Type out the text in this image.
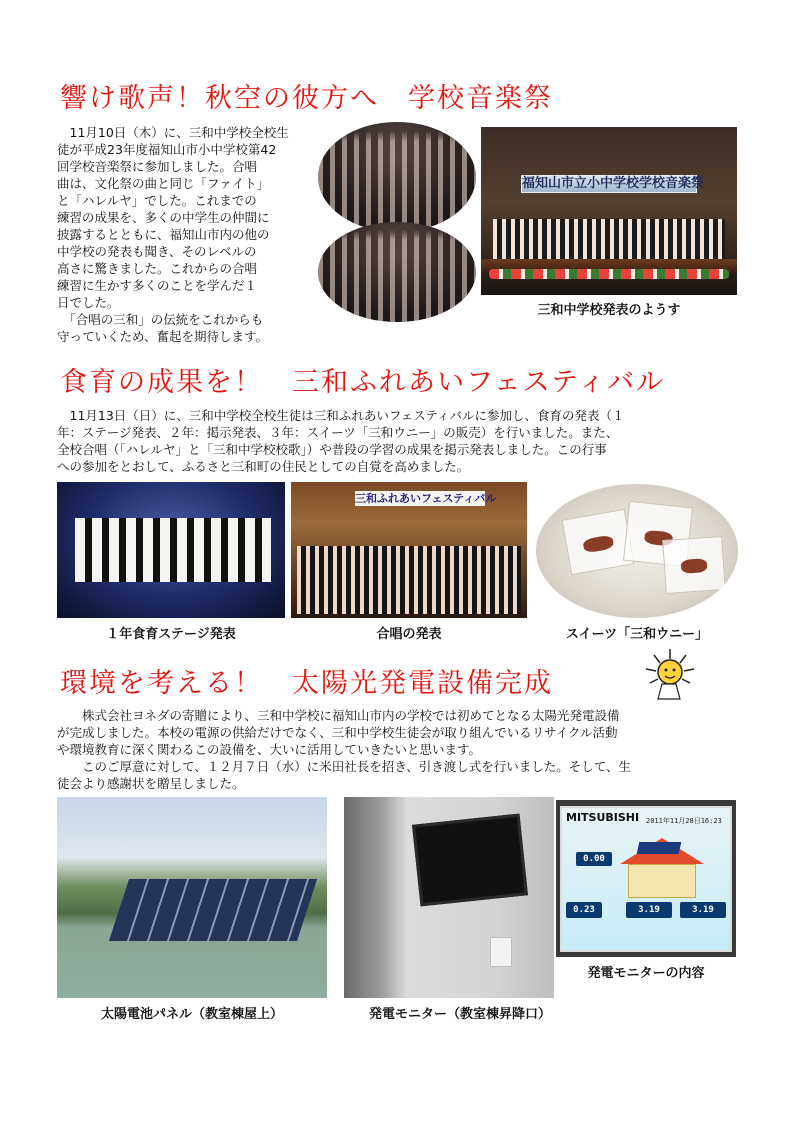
響け歌声！秋空の彼方へ　学校音楽祭
　11月10日（木）に、三和中学校全校生
徒が平成23年度福知山市小中学校第42
回学校音楽祭に参加しました。合唱
曲は、文化祭の曲と同じ「ファイト」
と「ハレルヤ」でした。これまでの
練習の成果を、多くの中学生の仲間に
披露するとともに、福知山市内の他の
中学校の発表も聞き、そのレベルの
高さに驚きました。これからの合唱
練習に生かす多くのことを学んだ１
日でした。
　「合唱の三和」の伝統をこれからも
守っていくため、奮起を期待します。
福知山市立小中学校学校音楽祭
三和中学校発表のようす
食育の成果を！　三和ふれあいフェスティバル
　11月13日（日）に、三和中学校全校生徒は三和ふれあいフェスティバルに参加し、食育の発表（１
年：ステージ発表、２年：掲示発表、３年：スイーツ「三和ウニー」の販売）を行いました。また、
全校合唱（「ハレルヤ」と「三和中学校校歌」）や普段の学習の成果を掲示発表しました。この行事
への参加をとおして、ふるさと三和町の住民としての自覚を高めました。
１年食育ステージ発表
三和ふれあいフェスティバル
合唱の発表	スイーツ「三和ウニー」
環境を考える！　太陽光発電設備完成
　　株式会社ヨネダの寄贈により、三和中学校に福知山市内の学校では初めてとなる太陽光発電設備
が完成しました。本校の電源の供給だけでなく、三和中学校生徒会が取り組んでいるリサイクル活動
や環境教育に深く関わるこの設備を、大いに活用していきたいと思います。
　　このご厚意に対して、１２月７日（水）に米田社長を招き、引き渡し式を行いました。そして、生
徒会より感謝状を贈呈しました。
太陽電池パネル（教室棟屋上）	発電モニター（教室棟昇降口）
MITSUBISHI 2011年11月28日16:23
0.00
0.23	3.19	3.19
発電モニターの内容
